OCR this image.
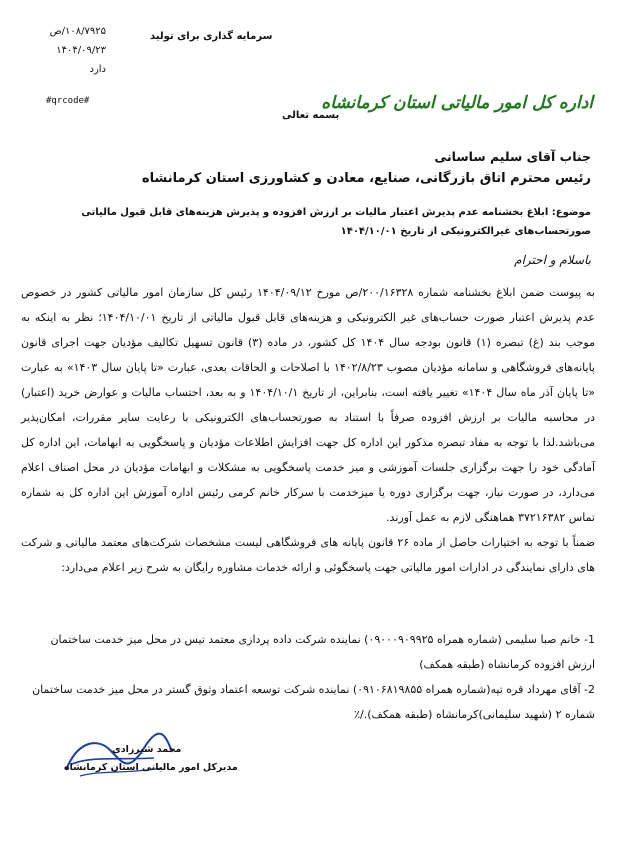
۱۰۸/۷۹۲۵/ص
۱۴۰۴/۰۹/۲۳
دارد
سرمایه گذاری برای تولید
#qrcode#
بسمه تعالی
اداره کل امور مالیاتی استان کرمانشاه
جناب آقای سلیم ساسانی
رئیس محترم اتاق بازرگانی، صنایع، معادن و کشاورزی استان کرمانشاه
موضوع: ابلاغ بخشنامه عدم پذیرش اعتبار مالیات بر ارزش افزوده و پذیرش هزینه‌های قابل قبول مالیاتی صورتحساب‌های غیرالکترونیکی از تاریخ ۱۴۰۴/۱۰/۰۱
باسلام و احترام

به پیوست ضمن ابلاغ بخشنامه شماره ۲۰۰/۱۶۳۲۸/ص مورخ ۱۴۰۴/۰۹/۱۲ رئیس کل سازمان امور مالیاتی کشور در خصوص عدم پذیرش اعتبار صورت حساب‌های غیر الکترونیکی و هزینه‌های قابل قبول مالیاتی از تاریخ ۱۴۰۴/۱۰/۰۱؛ نظر به اینکه به موجب بند (غ) تبصره (۱) قانون بودجه سال ۱۴۰۴ کل کشور، در ماده (۳) قانون تسهیل تکالیف مؤدیان جهت اجرای قانون پایانه‌های فروشگاهی و سامانه مؤدیان مصوب ۱۴۰۲/۸/۲۳ با اصلاحات و الحاقات بعدی، عبارت «تا پایان سال ۱۴۰۳» به عبارت «تا پایان آذر ماه سال ۱۴۰۴» تغییر یافته است، بنابراین، از تاریخ ۱۴۰۴/۱۰/۱ و به بعد، احتساب مالیات و عوارض خرید (اعتبار) در محاسبه مالیات بر ارزش افزوده صرفاً با استناد به صورتحساب‌های الکترونیکی با رعایت سایر مقررات، امکان‌پذیر می‌باشد.لذا با توجه به مفاد تبصره مذکور این اداره کل جهت افزایش اطلاعات مؤدیان و پاسخگویی به ابهامات، این اداره کل آمادگی خود را جهت برگزاری جلسات آموزشی و میز خدمت پاسخگویی به مشکلات و ابهامات مؤدیان در محل اصناف اعلام می‌دارد، در صورت نیاز، جهت برگزاری دوره یا میزخدمت با سرکار خانم کرمی رئیس اداره آموزش این اداره کل به شماره تماس ۳۷۲۱۶۳۸۲ هماهنگی لازم به عمل آورند.

ضمناً با توجه به اختیارات حاصل از ماده ۲۶ قانون پایانه های فروشگاهی لیست مشخصات شرکت‌های معتمد مالیاتی و شرکت های دارای نمایندگی در ادارات امور مالیاتی جهت پاسخگوئی و ارائه خدمات مشاوره رایگان به شرح زیر اعلام می‌دارد:

1- خانم صبا سلیمی (شماره همراه ۰۹۰۰۰۹۰۹۹۲۵) نماینده شرکت داده پردازی معتمد تیس در محل میز خدمت ساختمان ارزش افزوده کرمانشاه (طبقه همکف)
2- آقای مهرداد قره تپه(شماره همراه ۰۹۱۰۶۸۱۹۸۵۵) نماینده شرکت توسعه اعتماد وثوق گستر در محل میز خدمت ساختمان شماره ۲ (شهید سلیمانی)کرمانشاه (طبقه همکف)./٪
محمد شیرزادی
مدیرکل امور مالیاتی استان کرمانشاه
